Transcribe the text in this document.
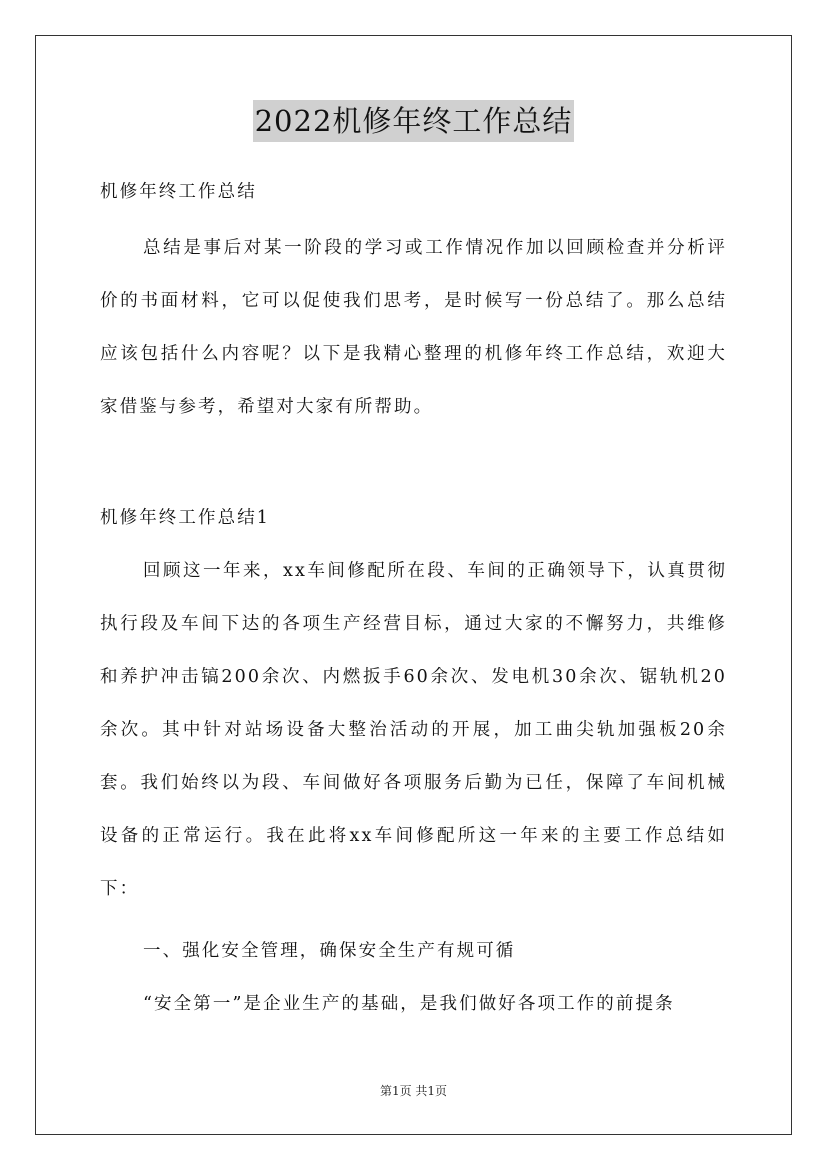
2022机修年终工作总结
机修年终工作总结
总结是事后对某一阶段的学习或工作情况作加以回顾检查并分析评价的书面材料，它可以促使我们思考，是时候写一份总结了。那么总结应该包括什么内容呢？以下是我精心整理的机修年终工作总结，欢迎大家借鉴与参考，希望对大家有所帮助。
机修年终工作总结1
回顾这一年来，xx车间修配所在段、车间的正确领导下，认真贯彻执行段及车间下达的各项生产经营目标，通过大家的不懈努力，共维修和养护冲击镐200余次、内燃扳手60余次、发电机30余次、锯轨机20余次。其中针对站场设备大整治活动的开展，加工曲尖轨加强板20余套。我们始终以为段、车间做好各项服务后勤为已任，保障了车间机械设备的正常运行。我在此将xx车间修配所这一年来的主要工作总结如下：
一、强化安全管理，确保安全生产有规可循
“安全第一”是企业生产的基础，是我们做好各项工作的前提条
第1页 共1页
